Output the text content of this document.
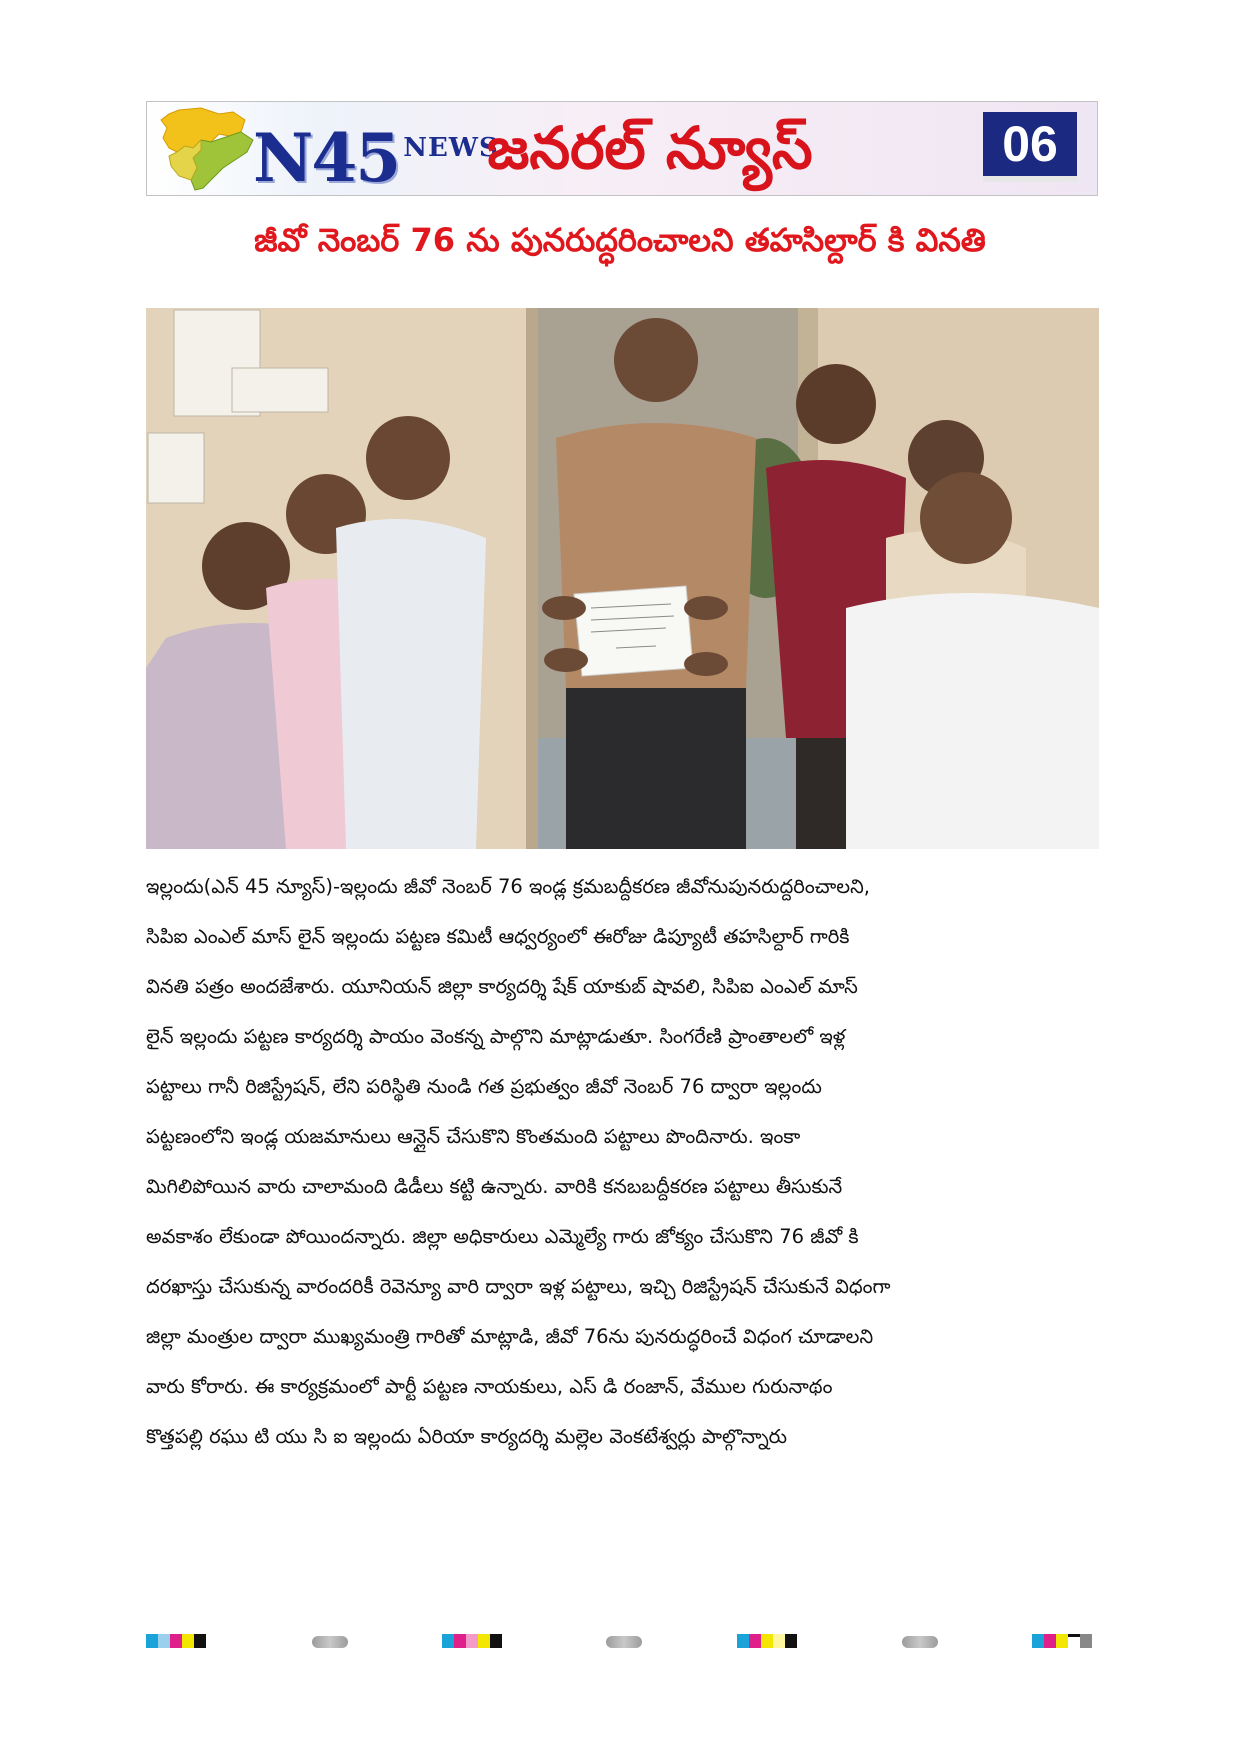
N45 NEWS
జనరల్ న్యూస్	06
జీవో నెంబర్ 76 ను పునరుద్ధరించాలని తహసిల్దార్ కి వినతి
ఇల్లందు(ఎన్ 45 న్యూస్)-ఇల్లందు జీవో నెంబర్ 76 ఇండ్ల క్రమబద్దీకరణ జీవోనుపునరుద్దరించాలని,
సిపిఐ ఎంఎల్ మాస్ లైన్ ఇల్లందు పట్టణ కమిటీ ఆధ్వర్యంలో ఈరోజు డిప్యూటీ తహసిల్దార్ గారికి
వినతి పత్రం అందజేశారు. యూనియన్ జిల్లా కార్యదర్శి షేక్ యాకుబ్ షావలి, సిపిఐ ఎంఎల్ మాస్
లైన్ ఇల్లందు పట్టణ కార్యదర్శి పాయం వెంకన్న పాల్గొని మాట్లాడుతూ. సింగరేణి ప్రాంతాలలో ఇళ్ల
పట్టాలు గానీ రిజిస్ట్రేషన్, లేని పరిస్థితి నుండి గత ప్రభుత్వం జీవో నెంబర్ 76 ద్వారా ఇల్లందు
పట్టణంలోని ఇండ్ల యజమానులు ఆన్లైన్ చేసుకొని కొంతమంది పట్టాలు పొందినారు. ఇంకా
మిగిలిపోయిన వారు చాలామంది డిడీలు కట్టి ఉన్నారు. వారికి కనబబద్దీకరణ పట్టాలు తీసుకునే
అవకాశం లేకుండా పోయిందన్నారు. జిల్లా అధికారులు ఎమ్మెల్యే గారు జోక్యం చేసుకొని 76 జీవో కి
దరఖాస్తు చేసుకున్న వారందరికీ రెవెన్యూ వారి ద్వారా ఇళ్ల పట్టాలు, ఇచ్చి రిజిస్ట్రేషన్ చేసుకునే విధంగా
జిల్లా మంత్రుల ద్వారా ముఖ్యమంత్రి గారితో మాట్లాడి, జీవో 76ను పునరుద్ధరించే విధంగ చూడాలని
వారు కోరారు. ఈ కార్యక్రమంలో పార్టీ పట్టణ నాయకులు, ఎస్ డి రంజాన్, వేముల గురునాథం
కొత్తపల్లి రఘు టి యు సి ఐ ఇల్లందు ఏరియా కార్యదర్శి మల్లెల వెంకటేశ్వర్లు పాల్గొన్నారు
